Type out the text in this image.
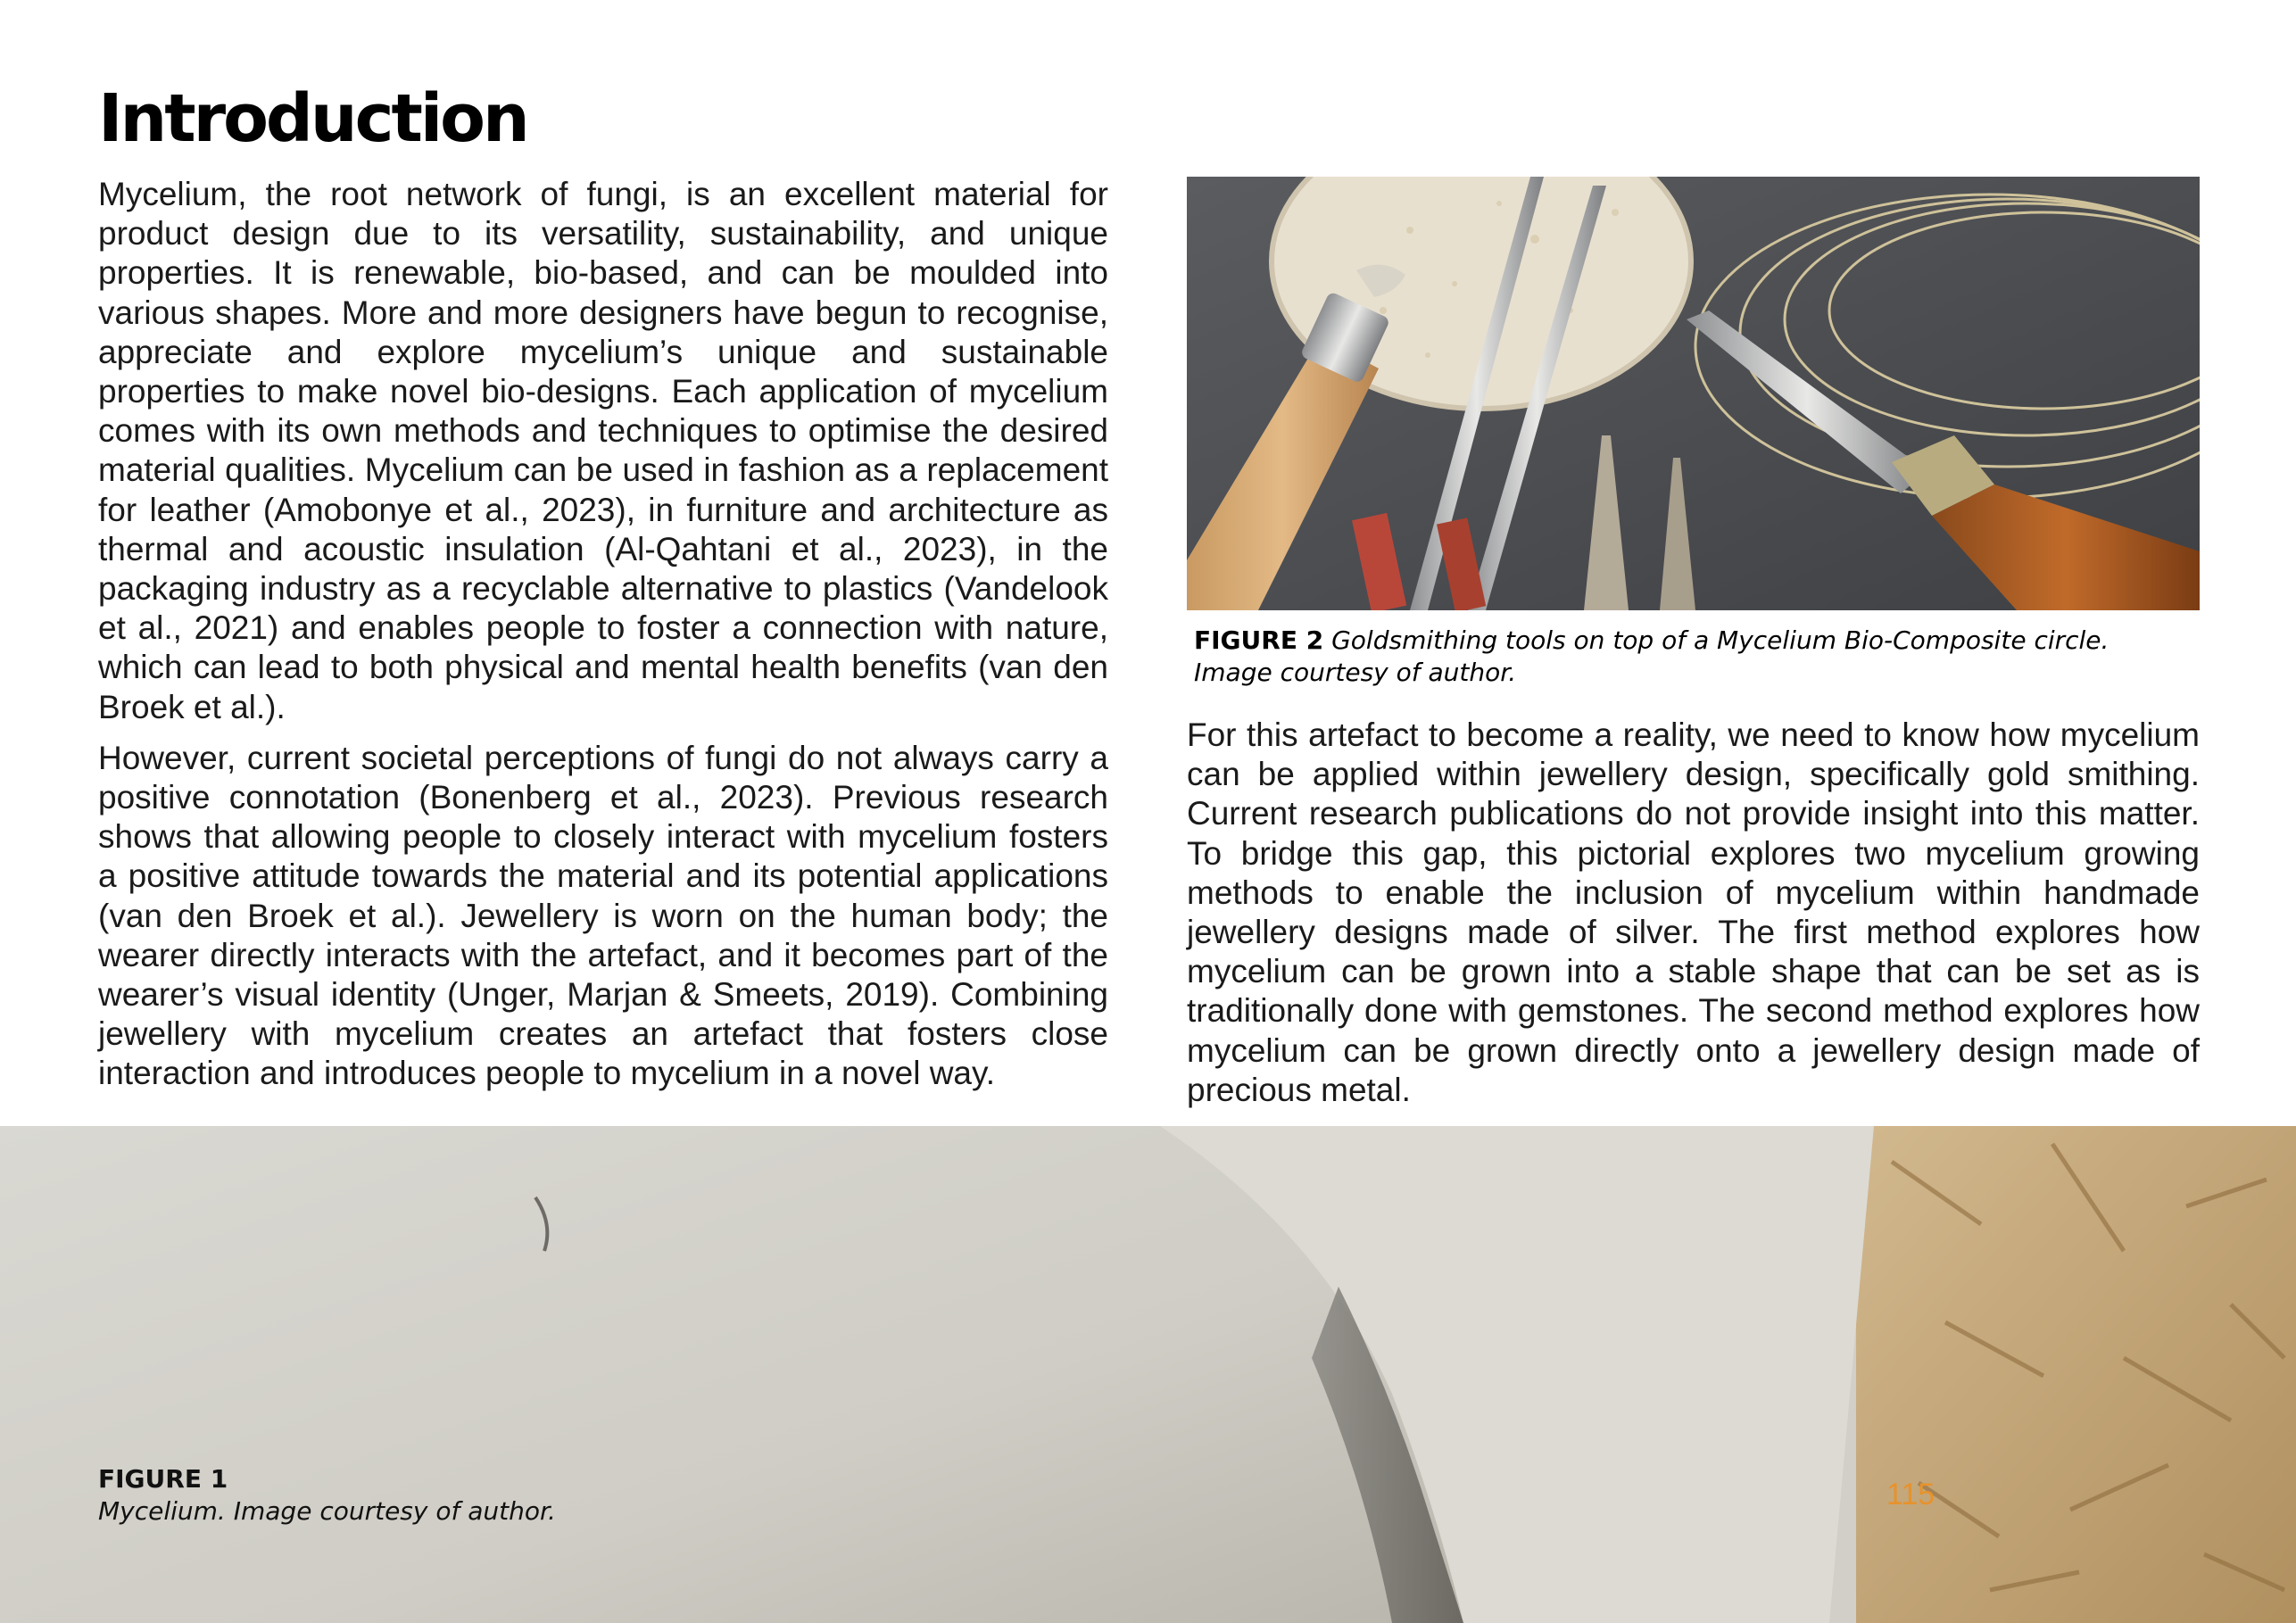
Introduction

Mycelium, the root network of fungi, is an excellent material for product design due to its versatility, sustainability, and unique properties. It is renewable, bio-based, and can be moulded into various shapes. More and more designers have begun to recognise, appreciate and explore mycelium’s unique and sustainable properties to make novel bio-designs. Each application of mycelium comes with its own methods and techniques to optimise the desired material qualities. Mycelium can be used in fashion as a replacement for leather (Amobonye et al., 2023), in furniture and architecture as thermal and acoustic insulation (Al-Qahtani et al., 2023), in the packaging industry as a recyclable alternative to plastics (Vandelook et al., 2021) and enables people to foster a connection with nature, which can lead to both physical and mental health benefits (van den Broek et al.).

However, current societal perceptions of fungi do not always carry a positive connotation (Bonenberg et al., 2023). Previous research shows that allowing people to closely interact with mycelium fosters a positive attitude towards the material and its potential applications (van den Broek et al.). Jewellery is worn on the human body; the wearer directly interacts with the artefact, and it becomes part of the wearer’s visual identity (Unger, Marjan & Smeets, 2019). Combining jewellery with mycelium creates an artefact that fosters close interaction and introduces people to mycelium in a novel way.

FIGURE 2 Goldsmithing tools on top of a Mycelium Bio-Composite circle.
Image courtesy of author.

For this artefact to become a reality, we need to know how mycelium can be applied within jewellery design, specifically gold smithing. Current research publications do not provide insight into this matter. To bridge this gap, this pictorial explores two mycelium growing methods to enable the inclusion of mycelium within handmade jewellery designs made of silver. The first method explores how mycelium can be grown into a stable shape that can be set as is traditionally done with gemstones. The second method explores how mycelium can be grown directly onto a jewellery design made of precious metal.

FIGURE 1
Mycelium. Image courtesy of author.	115
